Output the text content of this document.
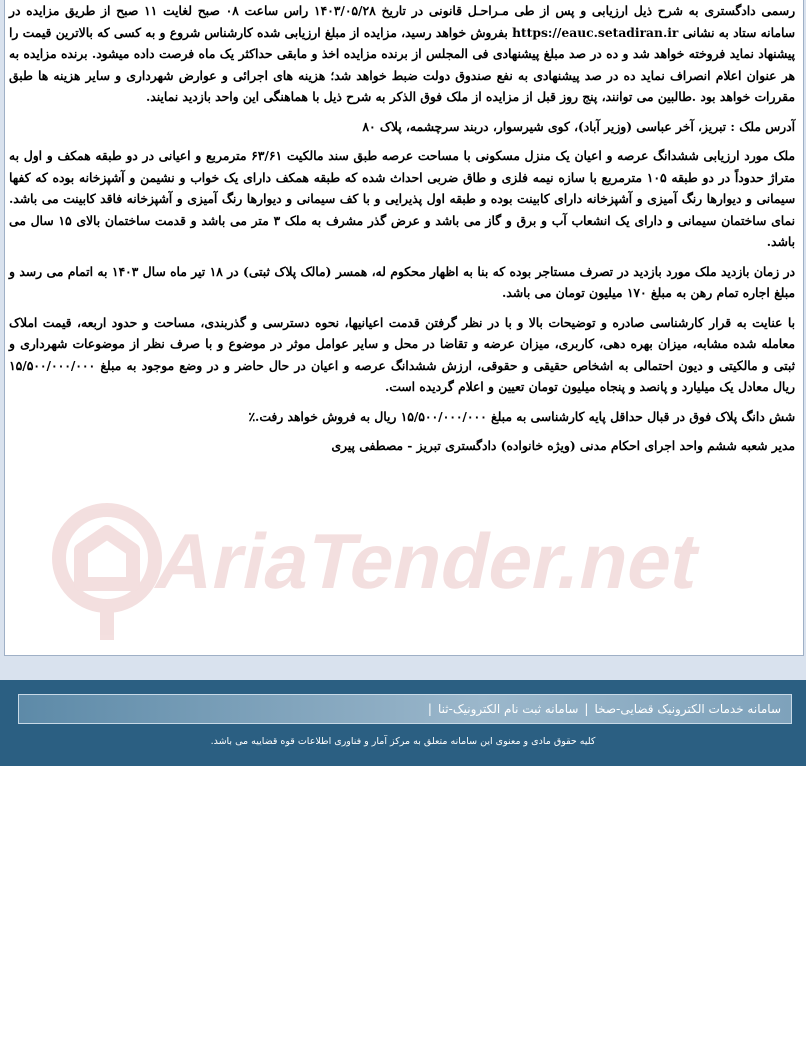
AriaTender.net

رسمی دادگستری به شرح ذیل ارزیابی و پس از طی مـراحـل قانونی در تاریخ ۱۴۰۳/۰۵/۲۸ راس ساعت ۰۸ صبح لغایت ۱۱ صبح از طریق مزایده در سامانه ستاد به نشانی https://eauc.setadiran.ir بفروش خواهد رسید، مزایده از مبلغ ارزیابی شده کارشناس شروع و به کسی که بالاترین قیمت را پیشنهاد نماید فروخته خواهد شد و ده در صد مبلغ پیشنهادی فی المجلس از برنده مزایده اخذ و مابقی حداکثر یک ماه فرصت داده میشود. برنده مزایده به هر عنوان اعلام انصراف نماید ده در صد پیشنهادی به نفع صندوق دولت ضبط خواهد شد؛ هزینه های اجرائی و عوارض شهرداری و سایر هزینه ها طبق مقررات خواهد بود .طالبین می توانند، پنج روز قبل از مزایده از ملک فوق الذکر به شرح ذیل با هماهنگی این واحد بازدید نمایند.

آدرس ملک : تبریز، آخر عباسی (وزیر آباد)، کوی شیرسوار، دربند سرچشمه، پلاک ۸۰

ملک مورد ارزیابی ششدانگ عرصه و اعیان یک منزل مسکونی با مساحت عرصه طبق سند مالکیت ۶۳/۶۱ مترمربع و اعیانی در دو طبقه همکف و اول به متراژ حدوداً در دو طبقه ۱۰۵ مترمربع با سازه نیمه فلزی و طاق ضربی احداث شده که طبقه همکف دارای یک خواب و نشیمن و آشپزخانه بوده که کفها سیمانی و دیوارها رنگ آمیزی و آشپزخانه دارای کابینت بوده و طبقه اول پذیرایی و با کف سیمانی و دیوارها رنگ آمیزی و آشپزخانه فاقد کابینت می باشد. نمای ساختمان سیمانی و دارای یک انشعاب آب و برق و گاز می باشد و عرض گذر مشرف به ملک ۳ متر می باشد و قدمت ساختمان بالای ۱۵ سال می باشد.

در زمان بازدید ملک مورد بازدید در تصرف مستاجر بوده که بنا به اظهار محکوم له، همسر (مالک پلاک ثبتی) در ۱۸ تیر ماه سال ۱۴۰۳ به اتمام می رسد و مبلغ اجاره تمام رهن به مبلغ ۱۷۰ میلیون تومان می باشد.

با عنایت به قرار کارشناسی صادره و توضیحات بالا و با در نظر گرفتن قدمت اعیانیها، نحوه دسترسی و گذربندی، مساحت و حدود اربعه، قیمت املاک معامله شده مشابه، میزان بهره دهی، کاربری، میزان عرضه و تقاضا در محل و سایر عوامل موثر در موضوع و با صرف نظر از موضوعات شهرداری و ثبتی و مالکیتی و دیون احتمالی به اشخاص حقیقی و حقوقی، ارزش ششدانگ عرصه و اعیان در حال حاضر و در وضع موجود به مبلغ ۱۵/۵۰۰/۰۰۰/۰۰۰ ریال معادل یک میلیارد و پانصد و پنجاه میلیون تومان تعیین و اعلام گردیده است.

شش دانگ پلاک فوق در قبال حداقل پایه کارشناسی به مبلغ ۱۵/۵۰۰/۰۰۰/۰۰۰ ریال به فروش خواهد رفت.٪

مدیر شعبه ششم واحد اجرای احکام مدنی (ویژه خانواده) دادگستری تبریز - مصطفی پیری

سامانه خدمات الکترونیک قضایی-صخا
|
سامانه ثبت نام الکترونیک-ثنا
|
کلیه حقوق مادی و معنوی این سامانه متعلق به مرکز آمار و فناوری اطلاعات قوه قضاییه می باشد.
